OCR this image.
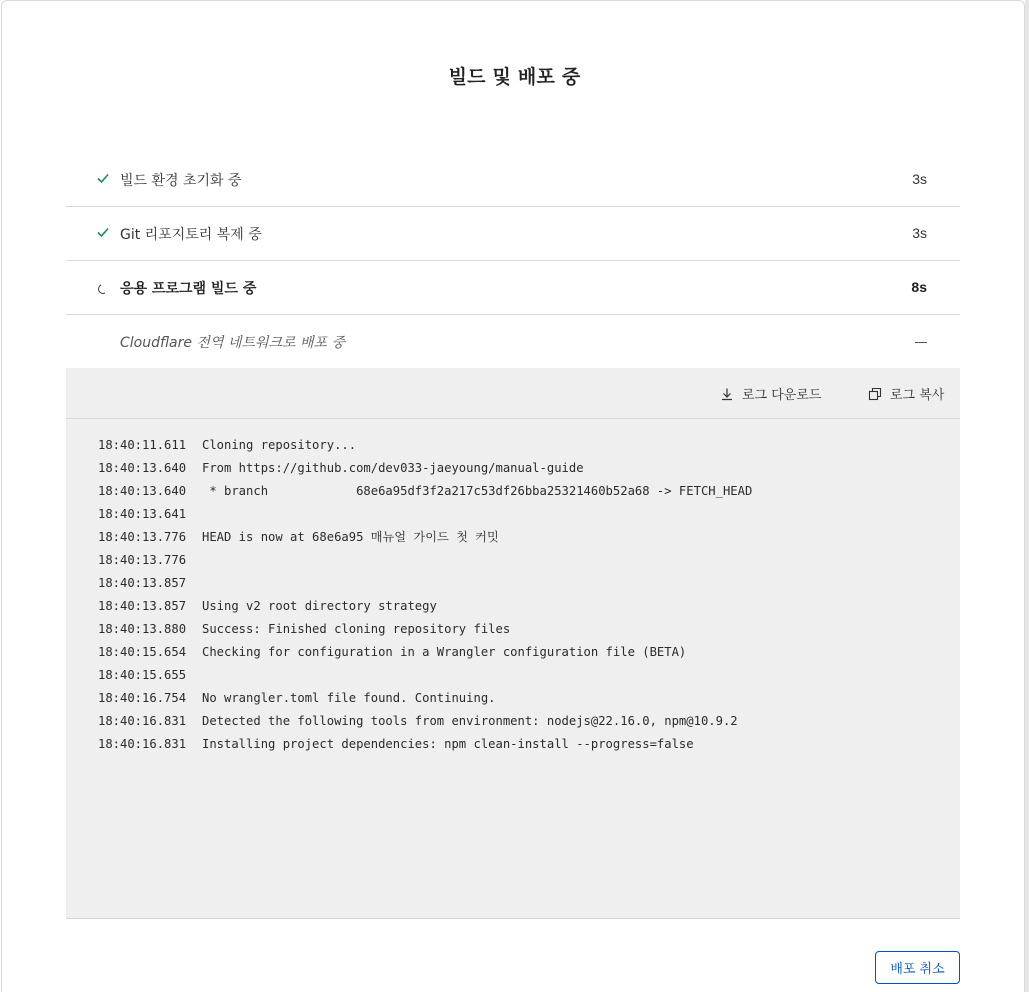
빌드 및 배포 중
빌드 환경 초기화 중	3s
Git 리포지토리 복제 중	3s
응용 프로그램 빌드 중	8s
Cloudflare 전역 네트워크로 배포 중
로그 다운로드	로그 복사
18:40:11.611	Cloning repository...
18:40:13.640	From https://github.com/dev033-jaeyoung/manual-guide
18:40:13.640	* branch            68e6a95df3f2a217c53df26bba25321460b52a68 -> FETCH_HEAD
18:40:13.641
18:40:13.776	HEAD is now at 68e6a95 매뉴얼 가이드 첫 커밋
18:40:13.776
18:40:13.857
18:40:13.857	Using v2 root directory strategy
18:40:13.880	Success: Finished cloning repository files
18:40:15.654	Checking for configuration in a Wrangler configuration file (BETA)
18:40:15.655
18:40:16.754	No wrangler.toml file found. Continuing.
18:40:16.831	Detected the following tools from environment: nodejs@22.16.0, npm@10.9.2
18:40:16.831	Installing project dependencies: npm clean-install --progress=false
배포 취소
